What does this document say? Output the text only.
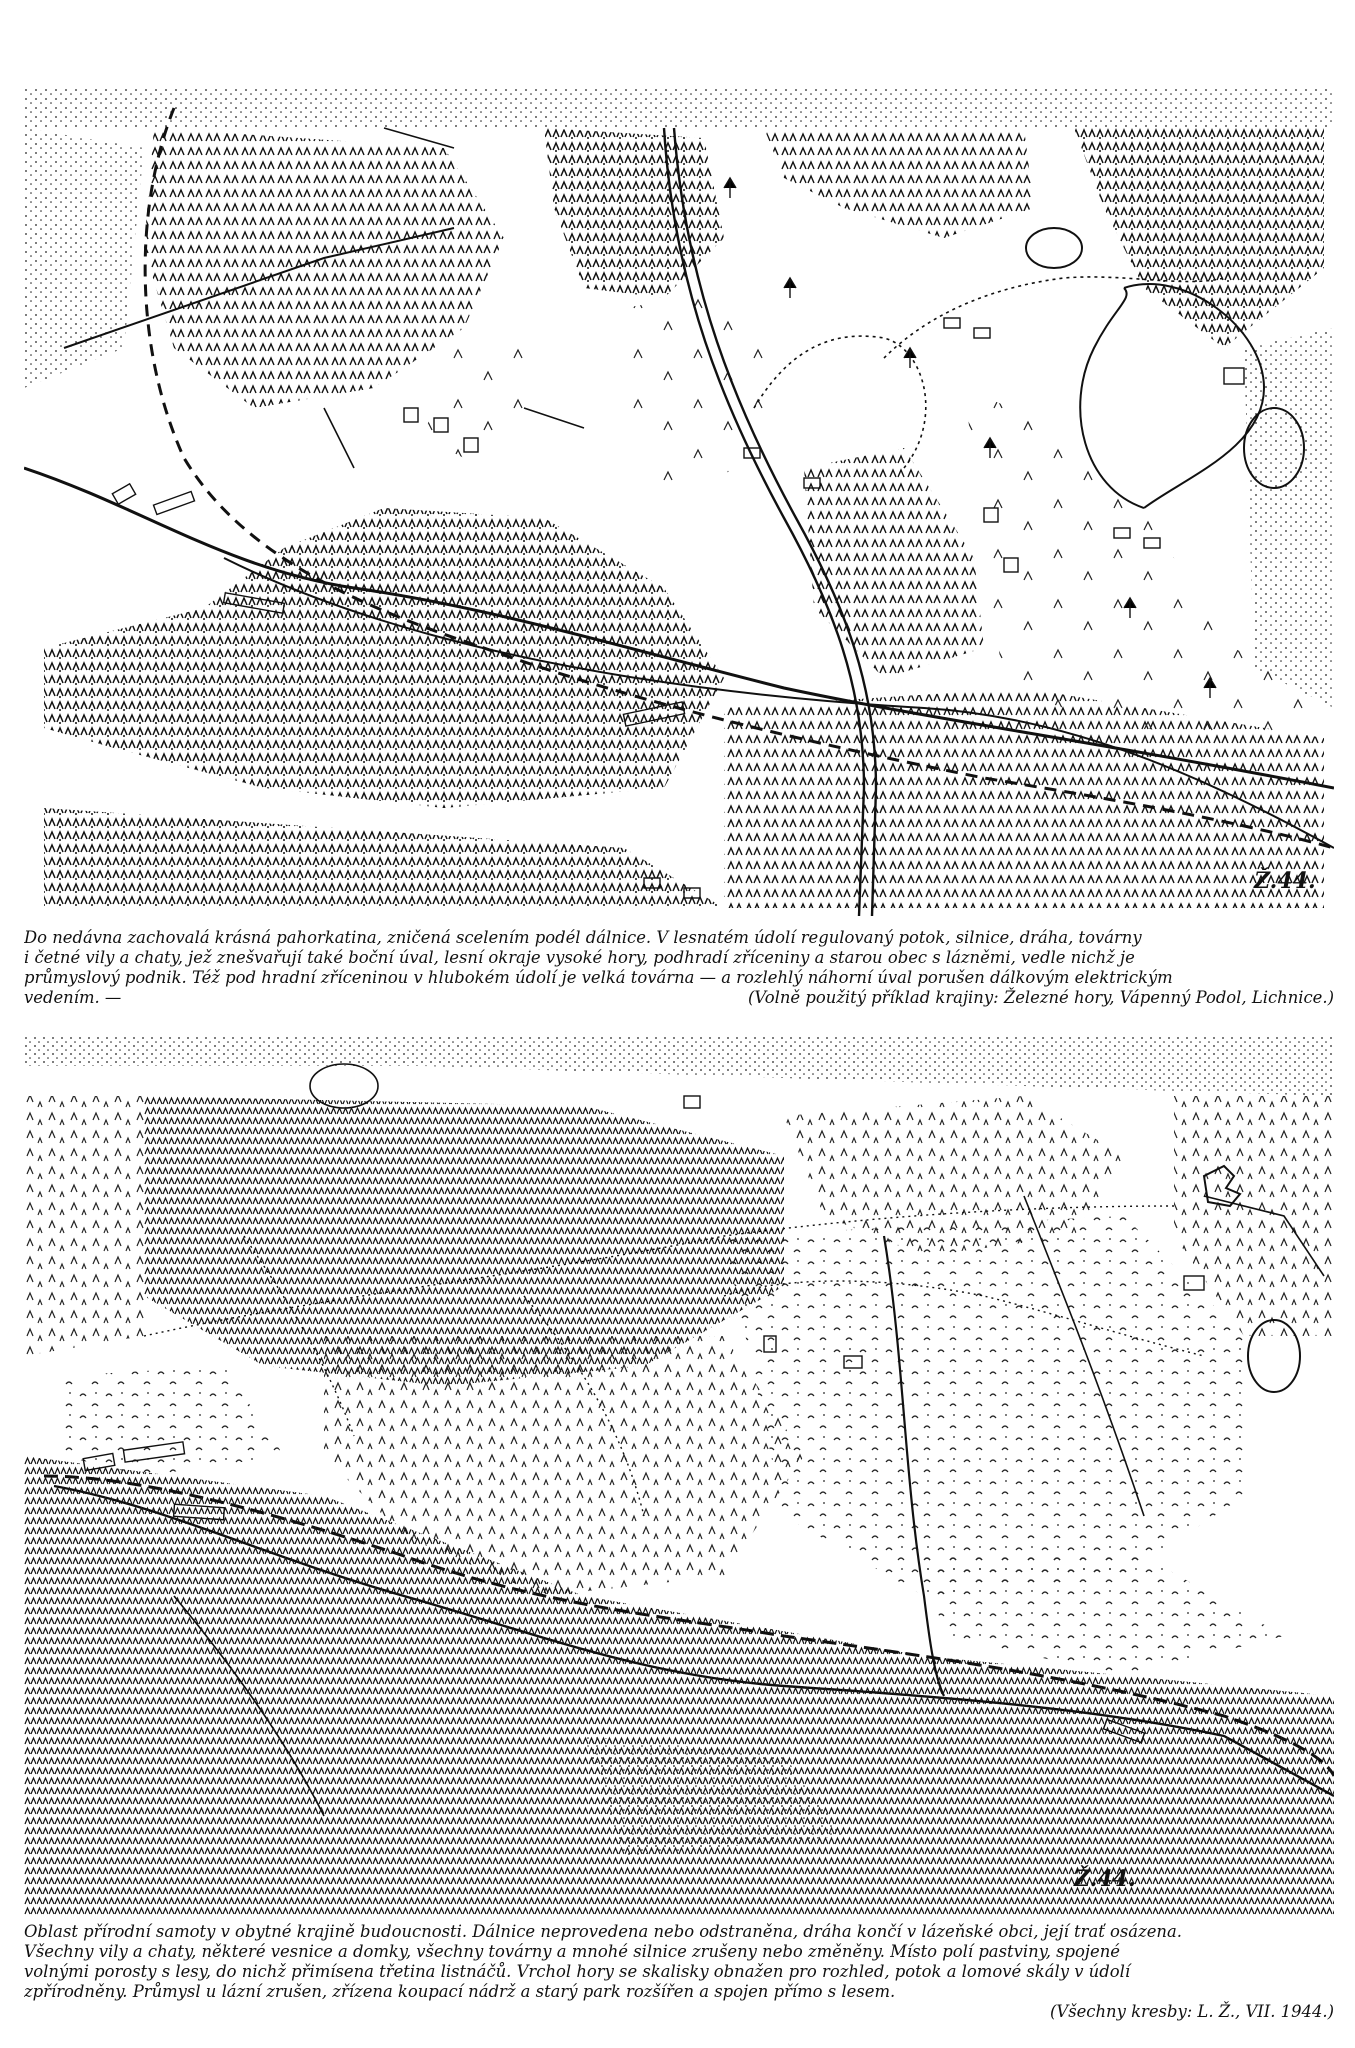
Ž.44.
Do nedávna zachovalá krásná pahorkatina, zničená scelením podél dálnice. V lesnatém údolí regulovaný potok, silnice, dráha, továrny
i četné vily a chaty, jež znešvařují také boční úval, lesní okraje vysoké hory, podhradí zříceniny a starou obec s lázněmi, vedle nichž je
průmyslový podnik. Též pod hradní zříceninou v hlubokém údolí je velká továrna — a rozlehlý náhorní úval porušen dálkovým elektrickým
vedením. —	(Volně použitý příklad krajiny: Železné hory, Vápenný Podol, Lichnice.)
Ž.44.
Oblast přírodní samoty v obytné krajině budoucnosti. Dálnice neprovedena nebo odstraněna, dráha končí v lázeňské obci, její trať osázena.
Všechny vily a chaty, některé vesnice a domky, všechny továrny a mnohé silnice zrušeny nebo změněny. Místo polí pastviny, spojené
volnými porosty s lesy, do nichž přimísena třetina listnáčů. Vrchol hory se skalisky obnažen pro rozhled, potok a lomové skály v údolí
zpřírodněny. Průmysl u lázní zrušen, zřízena koupací nádrž a starý park rozšířen a spojen přímo s lesem.
(Všechny kresby: L. Ž., VII. 1944.)
